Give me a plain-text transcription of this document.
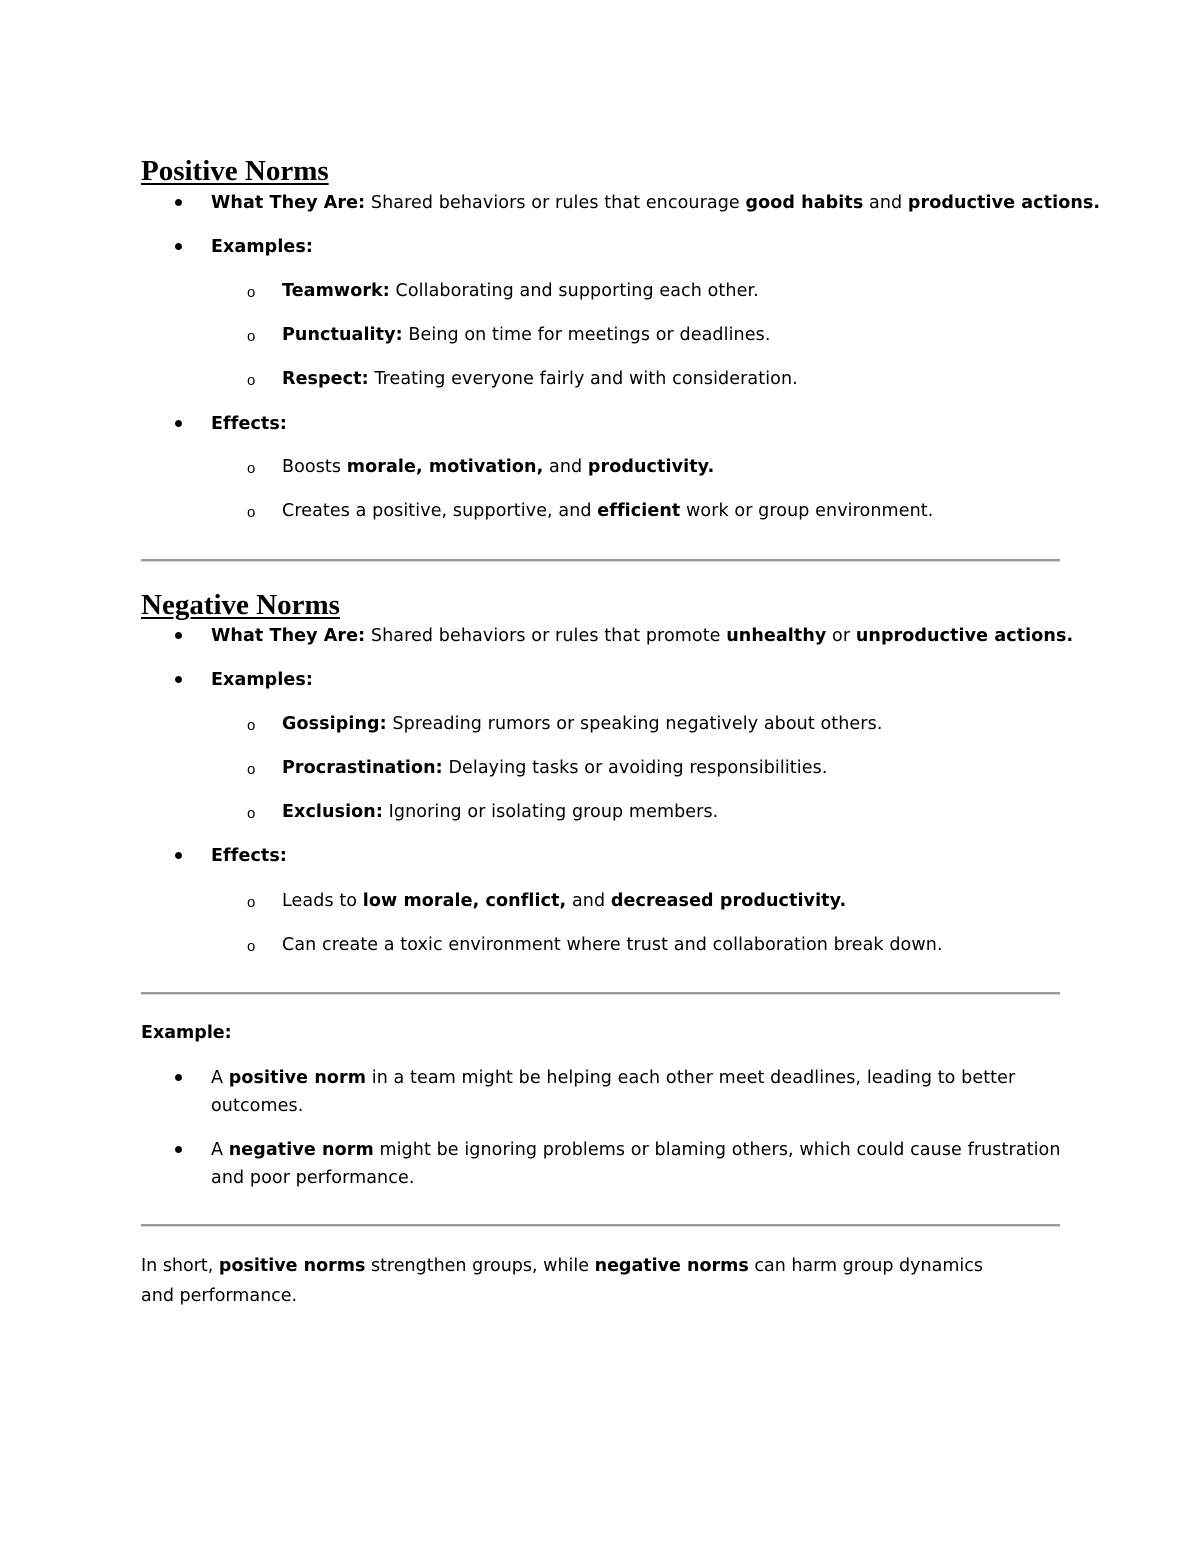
Positive Norms
What They Are: Shared behaviors or rules that encourage good habits and productive actions.
Examples:
o Teamwork: Collaborating and supporting each other.
o Punctuality: Being on time for meetings or deadlines.
o Respect: Treating everyone fairly and with consideration.
Effects:
o Boosts morale, motivation, and productivity.
o Creates a positive, supportive, and efficient work or group environment.
Negative Norms
What They Are: Shared behaviors or rules that promote unhealthy or unproductive actions.
Examples:
o Gossiping: Spreading rumors or speaking negatively about others.
o Procrastination: Delaying tasks or avoiding responsibilities.
o Exclusion: Ignoring or isolating group members.
Effects:
o Leads to low morale, conflict, and decreased productivity.
o Can create a toxic environment where trust and collaboration break down.
Example:
A positive norm in a team might be helping each other meet deadlines, leading to better outcomes.
A negative norm might be ignoring problems or blaming others, which could cause frustration and poor performance.
In short, positive norms strengthen groups, while negative norms can harm group dynamics and performance.
